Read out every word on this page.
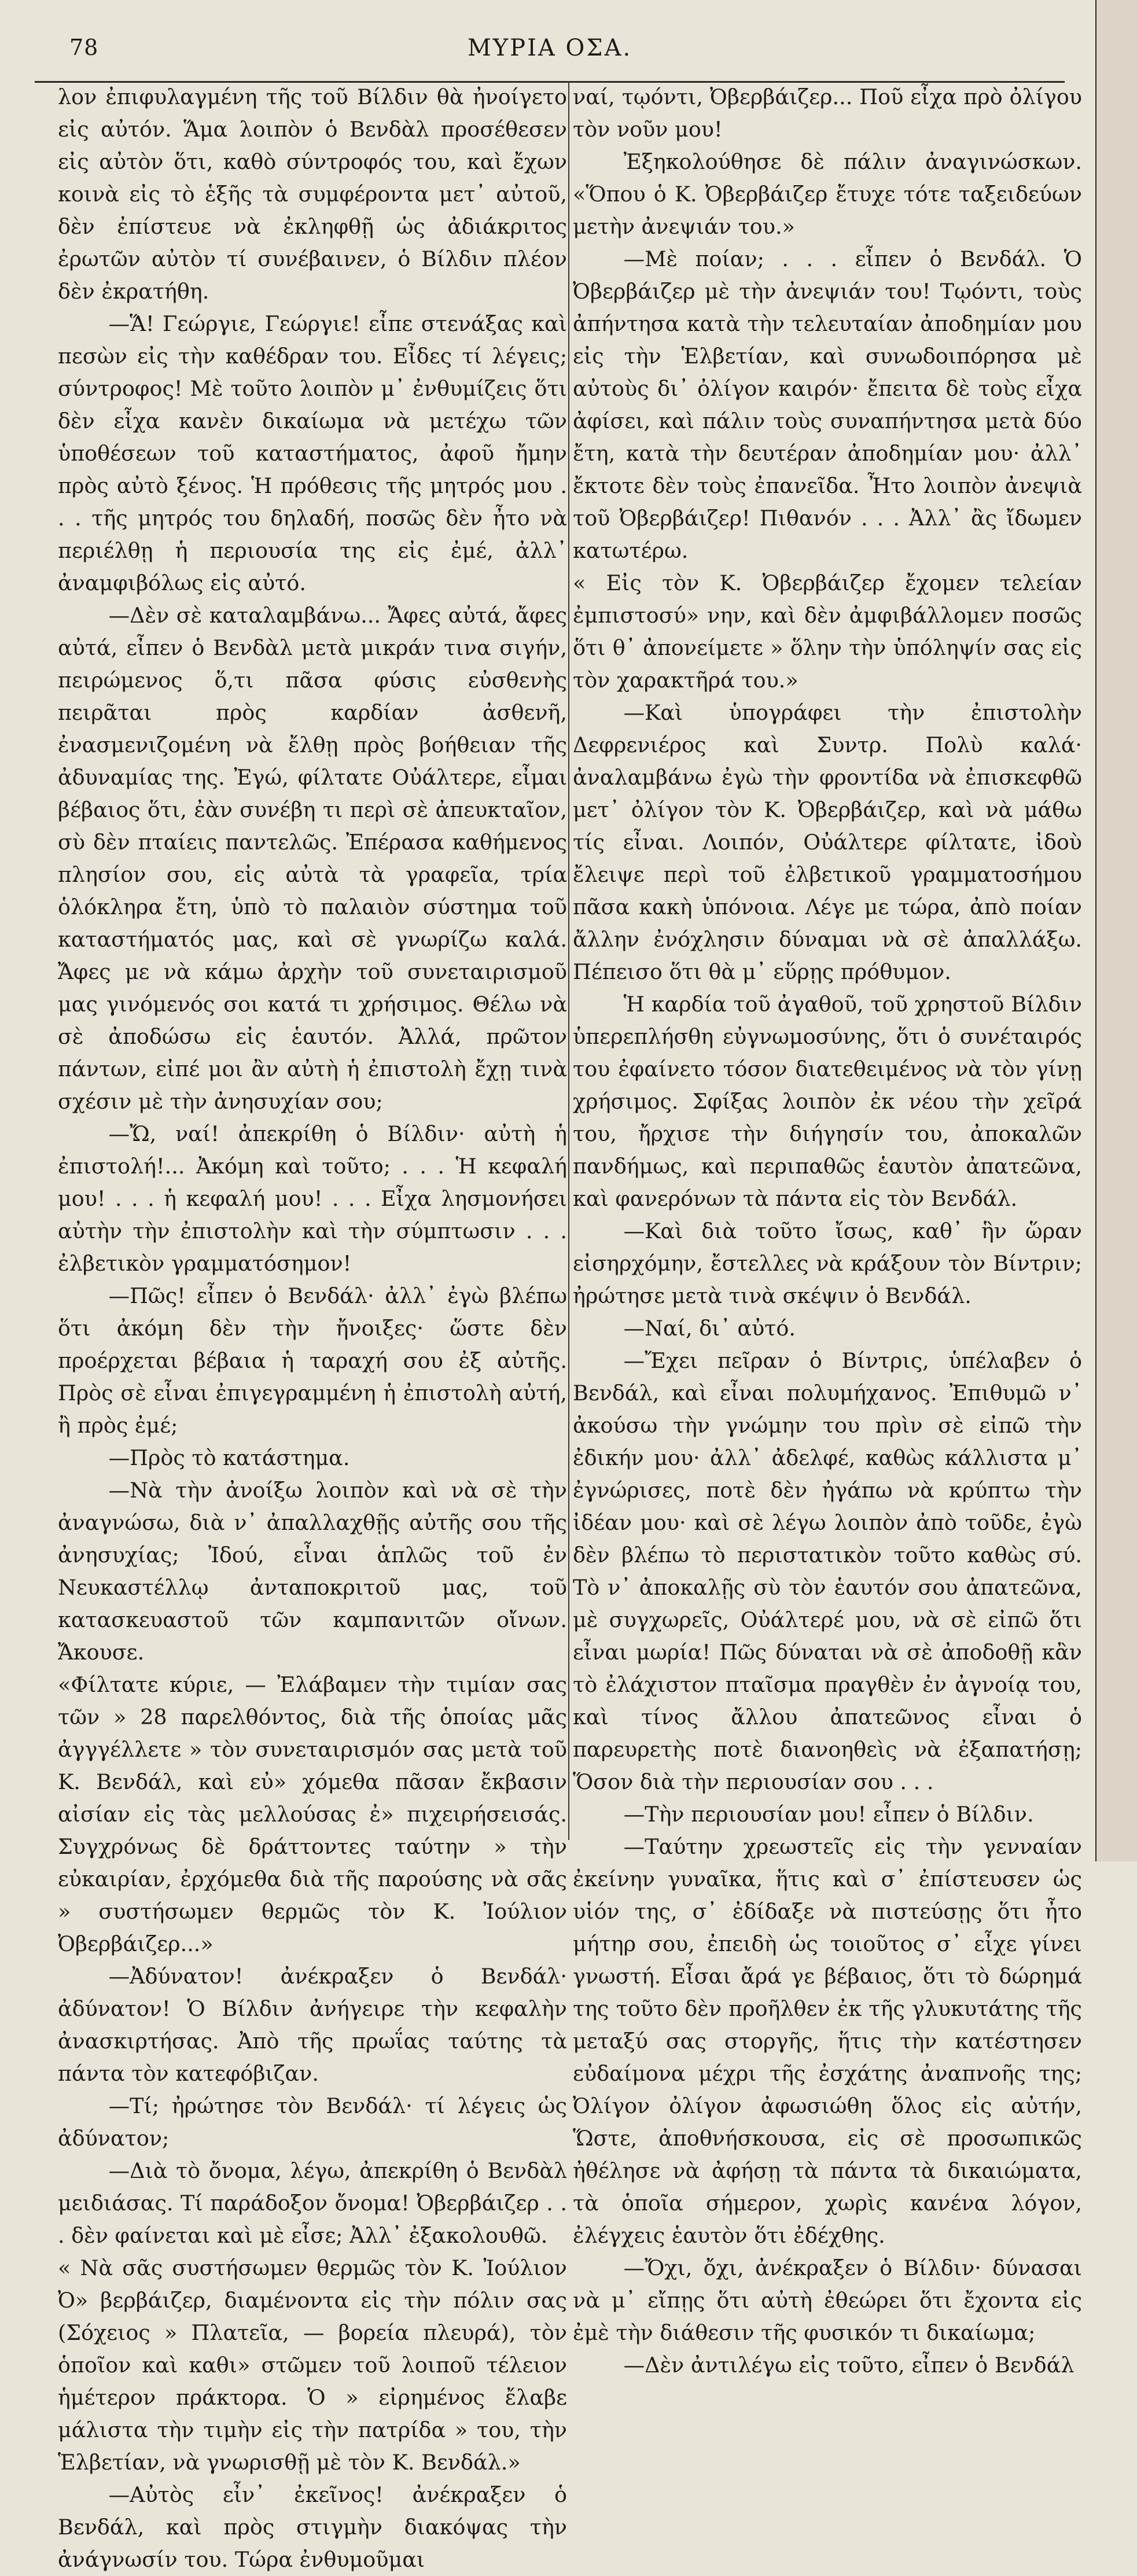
78	ΜΥΡΙΑ ΟΣΑ.

λον ἐπιφυλαγμένη τῆς τοῦ Βίλδιν θὰ ἠνοίγετο εἰς αὐτόν. Ἅμα λοιπὸν ὁ Βενδὰλ προσέθεσεν εἰς αὐτὸν ὅτι, καθὸ σύντροφός του, καὶ ἔχων κοινὰ εἰς τὸ ἑξῆς τὰ συμφέροντα μετ᾽ αὐτοῦ, δὲν ἐπίστευε νὰ ἐκληφθῇ ὡς ἀδιάκριτος ἐρωτῶν αὐτὸν τί συνέβαινεν, ὁ Βίλδιν πλέον δὲν ἐκρατήθη.

—Ἅ! Γεώργιε, Γεώργιε! εἶπε στενάξας καὶ πεσὼν εἰς τὴν καθέδραν του. Εἶδες τί λέγεις; σύντροφος! Μὲ τοῦτο λοιπὸν μ᾽ ἐνθυμίζεις ὅτι δὲν εἶχα κανὲν δικαίωμα νὰ μετέχω τῶν ὑποθέσεων τοῦ καταστήματος, ἀφοῦ ἤμην πρὸς αὐτὸ ξένος. Ἡ πρόθεσις τῆς μητρός μου . . . τῆς μητρός του δηλαδή, ποσῶς δὲν ἦτο νὰ περιέλθῃ ἡ περιουσία της εἰς ἐμέ, ἀλλ᾽ ἀναμφιβόλως εἰς αὐτό.

—Δὲν σὲ καταλαμβάνω... Ἄφες αὐτά, ἄφες αὐτά, εἶπεν ὁ Βενδὰλ μετὰ μικράν τινα σιγήν, πειρώμενος ὅ,τι πᾶσα φύσις εὐσθενὴς πειρᾶται πρὸς καρδίαν ἀσθενῆ, ἐνασμενιζομένη νὰ ἔλθῃ πρὸς βοήθειαν τῆς ἀδυναμίας της. Ἐγώ, φίλτατε Οὐάλτερε, εἶμαι βέβαιος ὅτι, ἐὰν συνέβη τι περὶ σὲ ἀπευκταῖον, σὺ δὲν πταίεις παντελῶς. Ἐπέρασα καθήμενος πλησίον σου, εἰς αὐτὰ τὰ γραφεῖα, τρία ὁλόκληρα ἔτη, ὑπὸ τὸ παλαιὸν σύστημα τοῦ καταστήματός μας, καὶ σὲ γνωρίζω καλά. Ἄφες με νὰ κάμω ἀρχὴν τοῦ συνεταιρισμοῦ μας γινόμενός σοι κατά τι χρήσιμος. Θέλω νὰ σὲ ἀποδώσω εἰς ἑαυτόν. Ἀλλά, πρῶτον πάντων, εἰπέ μοι ἂν αὐτὴ ἡ ἐπιστολὴ ἔχῃ τινὰ σχέσιν μὲ τὴν ἀνησυχίαν σου;

—Ὤ, ναί! ἀπεκρίθη ὁ Βίλδιν· αὐτὴ ἡ ἐπιστολή!... Ἀκόμη καὶ τοῦτο; . . . Ἡ κεφαλή μου! . . . ἡ κεφαλή μου! . . . Εἶχα λησμονήσει αὐτὴν τὴν ἐπιστολὴν καὶ τὴν σύμπτωσιν . . . ἐλβετικὸν γραμματόσημον!

—Πῶς! εἶπεν ὁ Βενδάλ· ἀλλ᾽ ἐγὼ βλέπω ὅτι ἀκόμη δὲν τὴν ἤνοιξες· ὥστε δὲν προέρχεται βέβαια ἡ ταραχή σου ἐξ αὐτῆς. Πρὸς σὲ εἶναι ἐπιγεγραμμένη ἡ ἐπιστολὴ αὐτή, ἢ πρὸς ἐμέ;

—Πρὸς τὸ κατάστημα.

—Νὰ τὴν ἀνοίξω λοιπὸν καὶ νὰ σὲ τὴν ἀναγνώσω, διὰ ν᾽ ἀπαλλαχθῇς αὐτῆς σου τῆς ἀνησυχίας; Ἰδού, εἶναι ἁπλῶς τοῦ ἐν Νευκαστέλλῳ ἀνταποκριτοῦ μας, τοῦ κατασκευαστοῦ τῶν καμπανιτῶν οἴνων. Ἄκουσε.

«Φίλτατε κύριε, — Ἐλάβαμεν τὴν τιμίαν σας τῶν » 28 παρελθόντος, διὰ τῆς ὁποίας μᾶς ἀγγγέλλετε » τὸν συνεταιρισμόν σας μετὰ τοῦ Κ. Βενδάλ, καὶ εὐ» χόμεθα πᾶσαν ἔκβασιν αἰσίαν εἰς τὰς μελλούσας ἐ» πιχειρήσεισάς. Συγχρόνως δὲ δράττοντες ταύτην » τὴν εὐκαιρίαν, ἐρχόμεθα διὰ τῆς παρούσης νὰ σᾶς » συστήσωμεν θερμῶς τὸν Κ. Ἰούλιον Ὀβερβάιζερ...»

—Ἀδύνατον! ἀνέκραξεν ὁ Βενδάλ· ἀδύνατον! Ὁ Βίλδιν ἀνήγειρε τὴν κεφαλὴν ἀνασκιρτήσας. Ἀπὸ τῆς πρωΐας ταύτης τὰ πάντα τὸν κατεφόβιζαν.

—Τί; ἠρώτησε τὸν Βενδάλ· τί λέγεις ὡς ἀδύνατον;

—Διὰ τὸ ὄνομα, λέγω, ἀπεκρίθη ὁ Βενδὰλ μειδιάσας. Τί παράδοξον ὄνομα! Ὀβερβάιζερ . . . δὲν φαίνεται καὶ μὲ εἶσε; Ἀλλ᾽ ἐξακολουθῶ.

« Νὰ σᾶς συστήσωμεν θερμῶς τὸν Κ. Ἰούλιον Ὀ» βερβάιζερ, διαμένοντα εἰς τὴν πόλιν σας (Σόχειος » Πλατεῖα, — βορεία πλευρά), τὸν ὁποῖον καὶ καθι» στῶμεν τοῦ λοιποῦ τέλειον ἡμέτερον πράκτορα. Ὁ » εἰρημένος ἔλαβε μάλιστα τὴν τιμὴν εἰς τὴν πατρίδα » του, τὴν Ἑλβετίαν, νὰ γνωρισθῇ μὲ τὸν Κ. Βενδάλ.»

—Αὐτὸς εἶν᾽ ἐκεῖνος! ἀνέκραξεν ὁ Βενδάλ, καὶ πρὸς στιγμὴν διακόψας τὴν ἀνάγνωσίν του. Τώρα ἐνθυμοῦμαι

ναί, τῳόντι, Ὀβερβάιζερ... Ποῦ εἶχα πρὸ ὀλίγου τὸν νοῦν μου!

Ἐξηκολούθησε δὲ πάλιν ἀναγινώσκων. «Ὅπου ὁ Κ. Ὀβερβάιζερ ἔτυχε τότε ταξειδεύων μετὴν ἀνεψιάν του.»

—Μὲ ποίαν; . . . εἶπεν ὁ Βενδάλ. Ὁ Ὀβερβάιζερ μὲ τὴν ἀνεψιάν του! Τῳόντι, τοὺς ἀπήντησα κατὰ τὴν τελευταίαν ἀποδημίαν μου εἰς τὴν Ἑλβετίαν, καὶ συνωδοιπόρησα μὲ αὐτοὺς δι᾽ ὀλίγον καιρόν· ἔπειτα δὲ τοὺς εἶχα ἀφίσει, καὶ πάλιν τοὺς συναπήντησα μετὰ δύο ἔτη, κατὰ τὴν δευτέραν ἀποδημίαν μου· ἀλλ᾽ ἔκτοτε δὲν τοὺς ἐπανεῖδα. Ἦτο λοιπὸν ἀνεψιὰ τοῦ Ὀβερβάιζερ! Πιθανόν . . . Ἀλλ᾽ ἂς ἴδωμεν κατωτέρω.

« Εἰς τὸν Κ. Ὀβερβάιζερ ἔχομεν τελείαν ἐμπιστοσύ» νην, καὶ δὲν ἀμφιβάλλομεν ποσῶς ὅτι θ᾽ ἀπονείμετε » ὅλην τὴν ὑπόληψίν σας εἰς τὸν χαρακτῆρά του.»

—Καὶ ὑπογράφει τὴν ἐπιστολὴν Δεφρενιέρος καὶ Συντρ. Πολὺ καλά· ἀναλαμβάνω ἐγὼ τὴν φροντίδα νὰ ἐπισκεφθῶ μετ᾽ ὀλίγον τὸν Κ. Ὀβερβάιζερ, καὶ νὰ μάθω τίς εἶναι. Λοιπόν, Οὐάλτερε φίλτατε, ἰδοὺ ἔλειψε περὶ τοῦ ἐλβετικοῦ γραμματοσήμου πᾶσα κακὴ ὑπόνοια. Λέγε με τώρα, ἀπὸ ποίαν ἄλλην ἐνόχλησιν δύναμαι νὰ σὲ ἀπαλλάξω. Πέπεισο ὅτι θὰ μ᾽ εὕρῃς πρόθυμον.

Ἡ καρδία τοῦ ἀγαθοῦ, τοῦ χρηστοῦ Βίλδιν ὑπερεπλήσθη εὐγνωμοσύνης, ὅτι ὁ συνέταιρός του ἐφαίνετο τόσον διατεθειμένος νὰ τὸν γίνῃ χρήσιμος. Σφίξας λοιπὸν ἐκ νέου τὴν χεῖρά του, ἤρχισε τὴν διήγησίν του, ἀποκαλῶν πανδήμως, καὶ περιπαθῶς ἑαυτὸν ἀπατεῶνα, καὶ φανερόνων τὰ πάντα εἰς τὸν Βενδάλ.

—Καὶ διὰ τοῦτο ἴσως, καθ᾽ ἣν ὥραν εἰσηρχόμην, ἔστελλες νὰ κράξουν τὸν Βίντριν; ἠρώτησε μετὰ τινὰ σκέψιν ὁ Βενδάλ.

—Ναί, δι᾽ αὐτό.

—Ἔχει πεῖραν ὁ Βίντρις, ὑπέλαβεν ὁ Βενδάλ, καὶ εἶναι πολυμήχανος. Ἐπιθυμῶ ν᾽ ἀκούσω τὴν γνώμην του πρὶν σὲ εἰπῶ τὴν ἐδικήν μου· ἀλλ᾽ ἀδελφέ, καθὼς κάλλιστα μ᾽ ἐγνώρισες, ποτὲ δὲν ἠγάπω νὰ κρύπτω τὴν ἰδέαν μου· καὶ σὲ λέγω λοιπὸν ἀπὸ τοῦδε, ἐγὼ δὲν βλέπω τὸ περιστατικὸν τοῦτο καθὼς σύ. Τὸ ν᾽ ἀποκαλῇς σὺ τὸν ἑαυτόν σου ἀπατεῶνα, μὲ συγχωρεῖς, Οὐάλτερέ μου, νὰ σὲ εἰπῶ ὅτι εἶναι μωρία! Πῶς δύναται νὰ σὲ ἀποδοθῇ κἂν τὸ ἐλάχιστον πταῖσμα πραγθὲν ἐν ἀγνοίᾳ του, καὶ τίνος ἄλλου ἀπατεῶνος εἶναι ὁ παρευρετὴς ποτὲ διανοηθεὶς νὰ ἐξαπατήσῃ; Ὅσον διὰ τὴν περιουσίαν σου . . .

—Τὴν περιουσίαν μου! εἶπεν ὁ Βίλδιν.

—Ταύτην χρεωστεῖς εἰς τὴν γενναίαν ἐκείνην γυναῖκα, ἥτις καὶ σ᾽ ἐπίστευσεν ὡς υἱόν της, σ᾽ ἐδίδαξε νὰ πιστεύσῃς ὅτι ἦτο μήτηρ σου, ἐπειδὴ ὡς τοιοῦτος σ᾽ εἶχε γίνει γνωστή. Εἶσαι ἄρά γε βέβαιος, ὅτι τὸ δώρημά της τοῦτο δὲν προῆλθεν ἐκ τῆς γλυκυτάτης τῆς μεταξύ σας στοργῆς, ἥτις τὴν κατέστησεν εὐδαίμονα μέχρι τῆς ἐσχάτης ἀναπνοῆς της; Ὀλίγον ὀλίγον ἀφωσιώθη ὅλος εἰς αὐτήν, Ὥστε, ἀποθνήσκουσα, εἰς σὲ προσωπικῶς ἠθέλησε νὰ ἀφήσῃ τὰ πάντα τὰ δικαιώματα, τὰ ὁποῖα σήμερον, χωρὶς κανένα λόγον, ἐλέγχεις ἑαυτὸν ὅτι ἐδέχθης.

—Ὄχι, ὄχι, ἀνέκραξεν ὁ Βίλδιν· δύνασαι νὰ μ᾽ εἴπῃς ὅτι αὐτὴ ἐθεώρει ὅτι ἔχοντα εἰς ἐμὲ τὴν διάθεσιν τῆς φυσικόν τι δικαίωμα;

—Δὲν ἀντιλέγω εἰς τοῦτο, εἶπεν ὁ Βενδάλ
